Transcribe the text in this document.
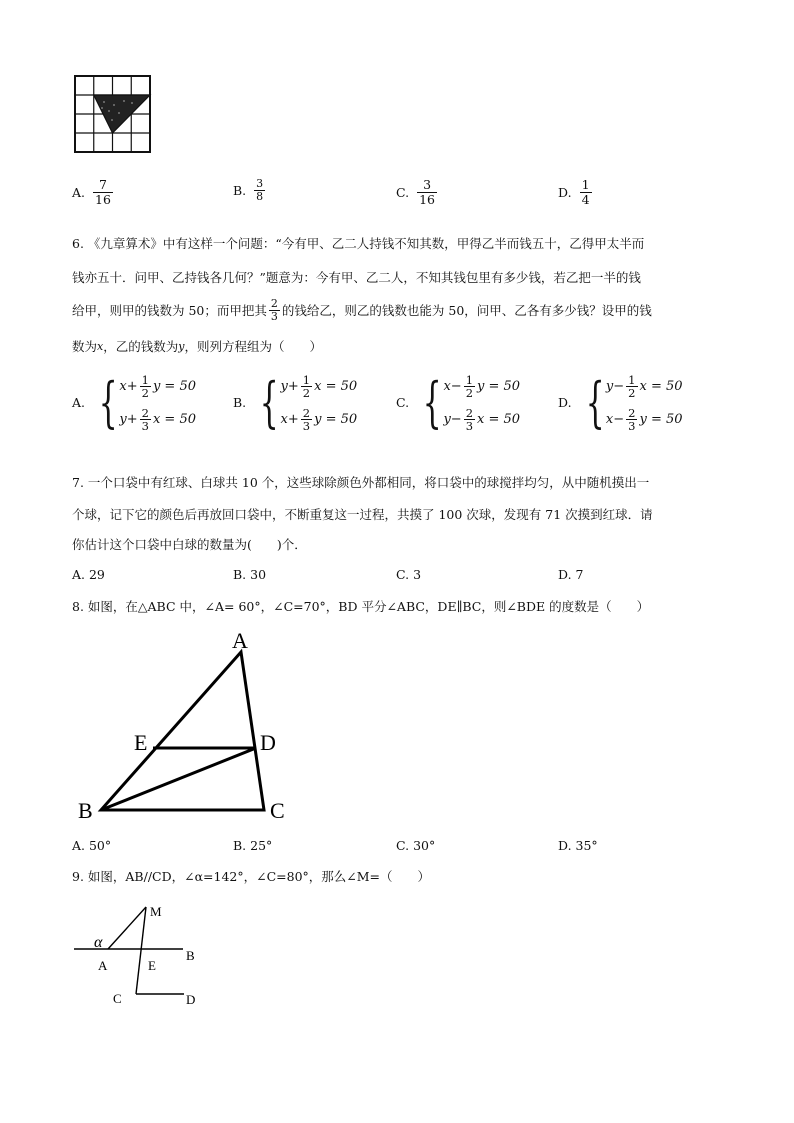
A. $\frac{7}{16}$	B. $\frac{3}{8}$	C. $\frac{3}{16}$	D. $\frac{1}{4}$
6. 《九章算术》中有这样一个问题：“今有甲、乙二人持钱不知其数，甲得乙半而钱五十，乙得甲太半而
钱亦五十．问甲、乙持钱各几何？”题意为：今有甲、乙二人，不知其钱包里有多少钱，若乙把一半的钱
给甲，则甲的钱数为 50；而甲把其 $\frac{2}{3}$ 的钱给乙，则乙的钱数也能为 50，问甲、乙各有多少钱？设甲的钱
数为x，乙的钱数为y，则列方程组为（　　）
A. { $x+ \frac{1}{2}$ y = 50
$y+ \frac{2}{3}$ x = 50
B. { $y+ \frac{1}{2}$ x = 50
$x+ \frac{2}{3}$ y = 50
C. { $x- \frac{1}{2}$ y = 50
$y- \frac{2}{3}$ x = 50
D. { $y- \frac{1}{2}$ x = 50
$x- \frac{2}{3}$ y = 50
7. 一个口袋中有红球、白球共 10 个，这些球除颜色外都相同，将口袋中的球搅拌均匀，从中随机摸出一
个球，记下它的颜色后再放回口袋中，不断重复这一过程，共摸了 100 次球，发现有 71 次摸到红球．请
你估计这个口袋中白球的数量为(　　)个．
A. 29	B. 30	C. 3	D. 7
8. 如图，在△ABC 中，∠A= 60°，∠C=70°，BD 平分∠ABC，DE∥BC，则∠BDE 的度数是（　　）
A
E	D
B	C
A. 50°	B. 25°	C. 30°	D. 35°
9. 如图，AB//CD，∠α=142°，∠C=80°，那么∠M=（　　）
M
α
A	E
B
C	D
